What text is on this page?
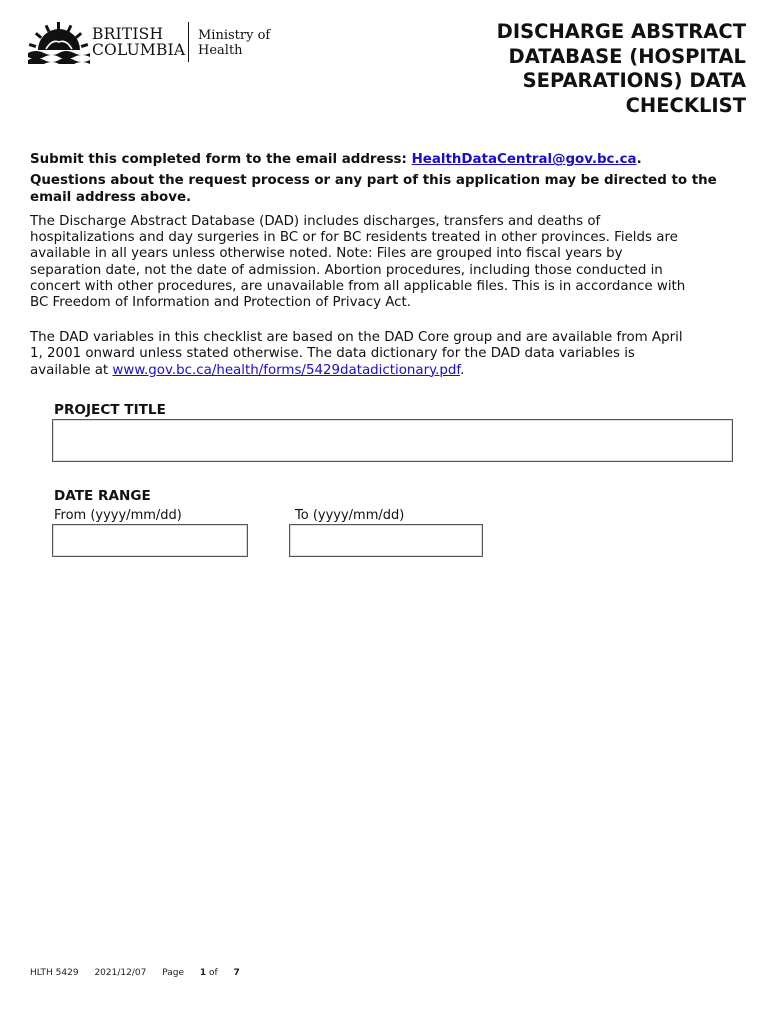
BRITISH
COLUMBIA
Ministry of
Health
DISCHARGE ABSTRACT
DATABASE (HOSPITAL
SEPARATIONS) DATA
CHECKLIST

Submit this completed form to the email address: HealthDataCentral@gov.bc.ca.

Questions about the request process or any part of this application may be directed to the email address above.

The Discharge Abstract Database (DAD) includes discharges, transfers and deaths of
hospitalizations and day surgeries in BC or for BC residents treated in other provinces. Fields are
available in all years unless otherwise noted. Note: Files are grouped into fiscal years by
separation date, not the date of admission. Abortion procedures, including those conducted in
concert with other procedures, are unavailable from all applicable files. This is in accordance with
BC Freedom of Information and Protection of Privacy Act.
The DAD variables in this checklist are based on the DAD Core group and are available from April
1, 2001 onward unless stated otherwise. The data dictionary for the DAD data variables is
available at www.gov.bc.ca/health/forms/5429datadictionary.pdf.
PROJECT TITLE
DATE RANGE
From (yyyy/mm/dd)	To (yyyy/mm/dd)
HLTH 5429 2021/12/07 Page 1 of 7
